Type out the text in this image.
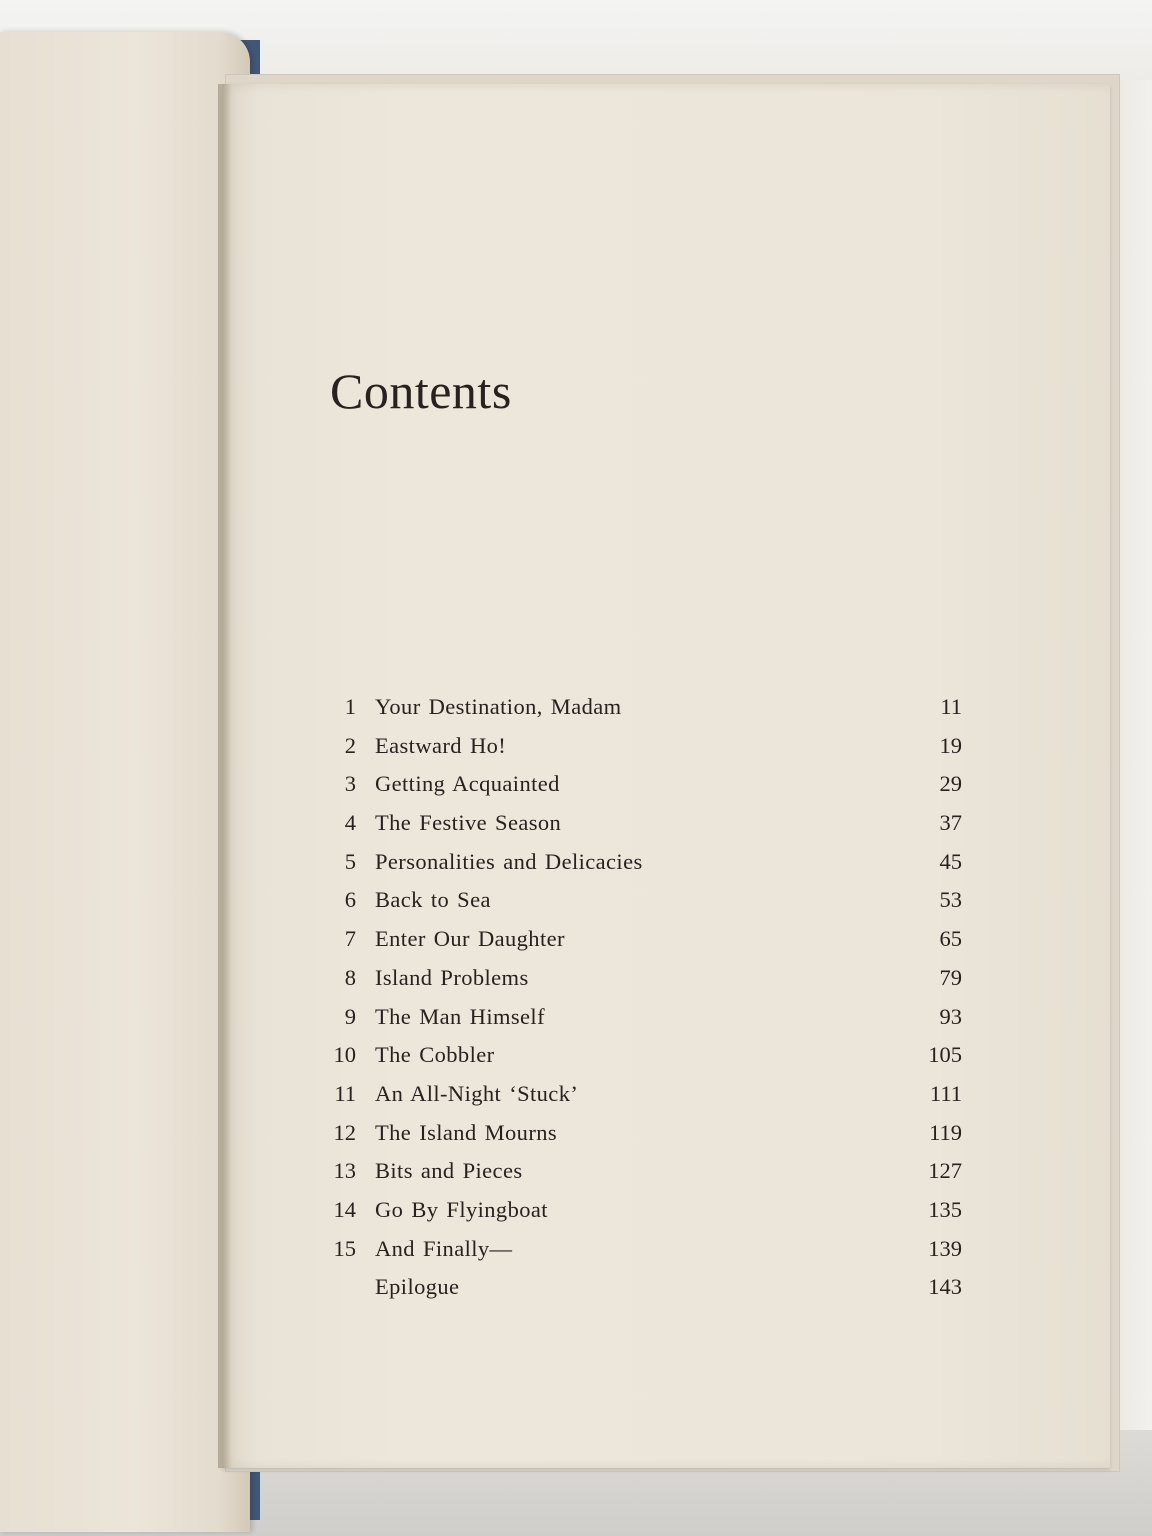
Contents
1 Your Destination, Madam	11
2 Eastward Ho!	19
3 Getting Acquainted	29
4 The Festive Season	37
5 Personalities and Delicacies	45
6 Back to Sea	53
7 Enter Our Daughter	65
8 Island Problems	79
9 The Man Himself	93
10 The Cobbler	105
11 An All-Night ‘Stuck’	111
12 The Island Mourns	119
13 Bits and Pieces	127
14 Go By Flyingboat	135
15 And Finally—	139
Epilogue	143
